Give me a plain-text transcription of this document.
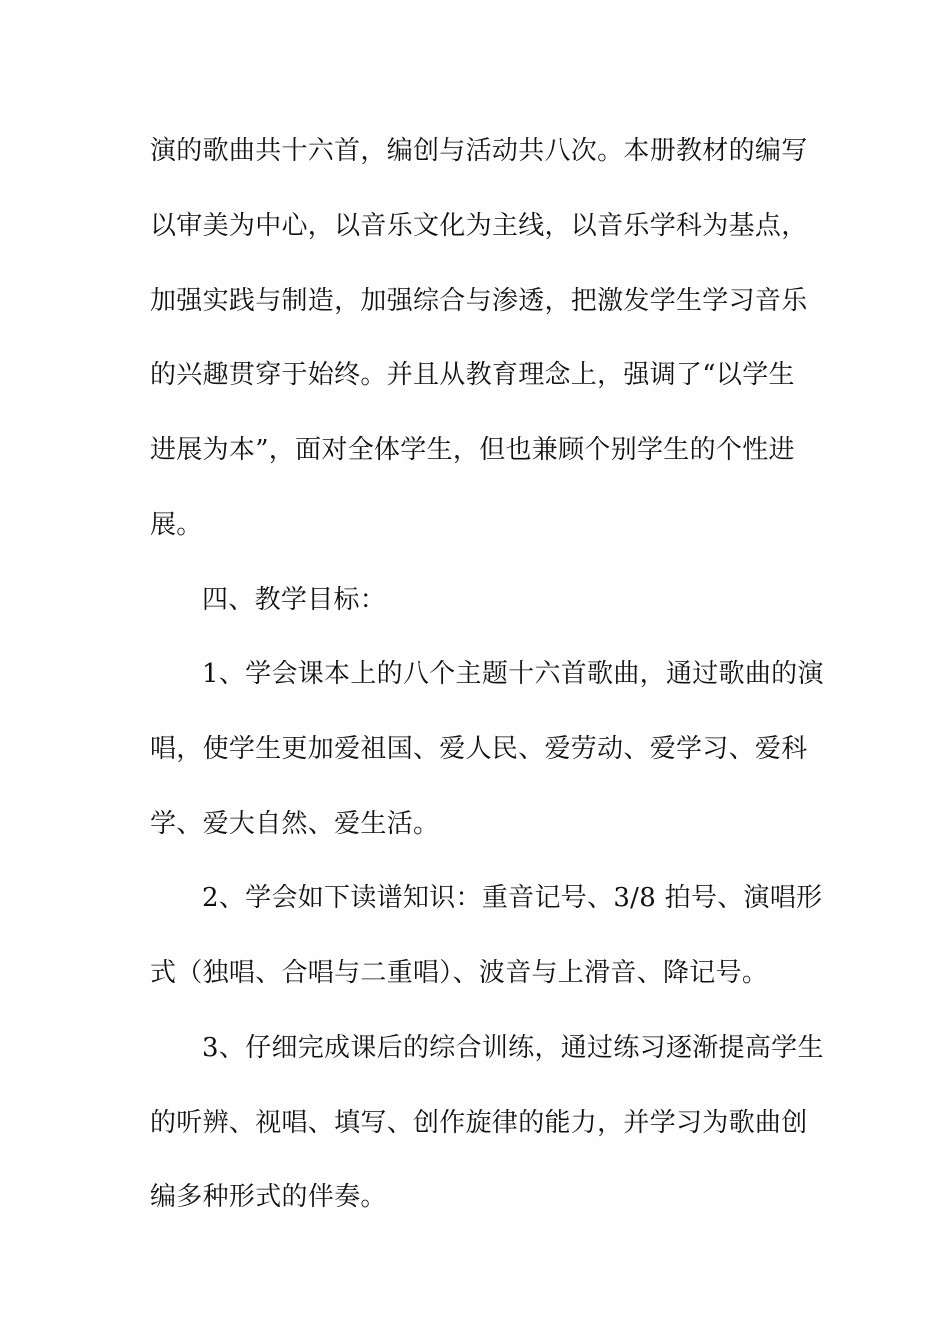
演的歌曲共十六首，编创与活动共八次。本册教材的编写
以审美为中心，以音乐文化为主线，以音乐学科为基点，
加强实践与制造，加强综合与渗透，把激发学生学习音乐
的兴趣贯穿于始终。并且从教育理念上，强调了“以学生
进展为本”，面对全体学生，但也兼顾个别学生的个性进
展。
四、教学目标：
1、学会课本上的八个主题十六首歌曲，通过歌曲的演
唱，使学生更加爱祖国、爱人民、爱劳动、爱学习、爱科
学、爱大自然、爱生活。
2、学会如下读谱知识：重音记号、3/8 拍号、演唱形
式（独唱、合唱与二重唱）、波音与上滑音、降记号。
3、仔细完成课后的综合训练，通过练习逐渐提高学生
的听辨、视唱、填写、创作旋律的能力，并学习为歌曲创
编多种形式的伴奏。
